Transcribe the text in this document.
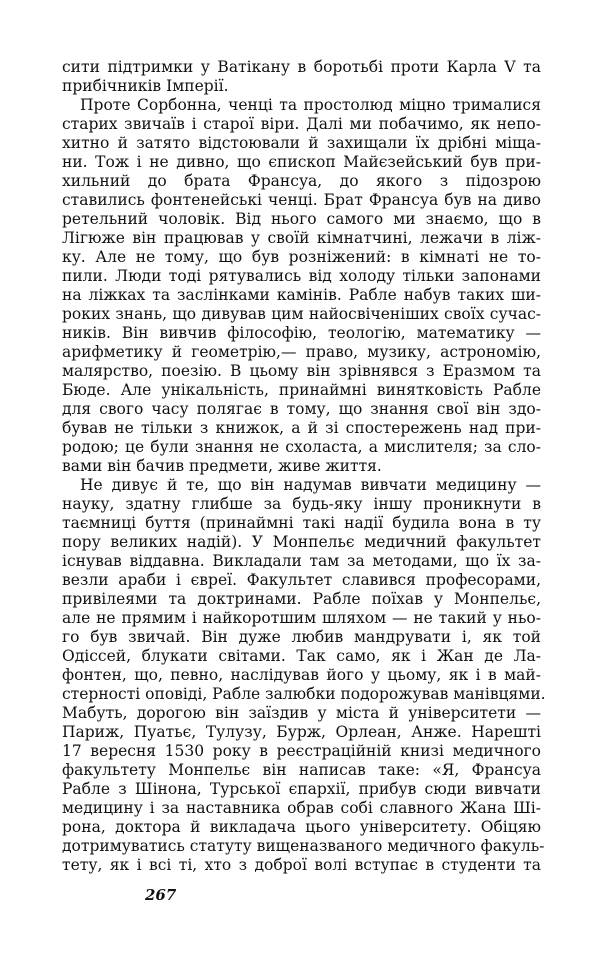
сити підтримки у Ватікану в боротьбі проти Карла V та
прибічників Імперії.
Проте Сорбонна, ченці та простолюд міцно трималися
старих звичаїв і старої віри. Далі ми побачимо, як непо-
хитно й затято відстоювали й захищали їх дрібні міща-
ни. Тож і не дивно, що єпископ Майєзейський був при-
хильний до брата Франсуа, до якого з підозрою
ставились фонтенейські ченці. Брат Франсуа був на диво
ретельний чоловік. Від нього самого ми знаємо, що в
Лігюже він працював у своїй кімнатчині, лежачи в ліж-
ку. Але не тому, що був розніжений: в кімнаті не то-
пили. Люди тоді рятувались від холоду тільки запонами
на ліжках та заслінками камінів. Рабле набув таких ши-
роких знань, що дивував цим найосвіченіших своїх сучас-
ників. Він вивчив філософію, теологію, математику —
арифметику й геометрію,— право, музику, астрономію,
малярство, поезію. В цьому він зрівнявся з Еразмом та
Бюде. Але унікальність, принаймні винятковість Рабле
для свого часу полягає в тому, що знання свої він здо-
бував не тільки з книжок, а й зі спостережень над при-
родою; це були знання не схоласта, а мислителя; за сло-
вами він бачив предмети, живе життя.
Не дивує й те, що він надумав вивчати медицину —
науку, здатну глибше за будь-яку іншу проникнути в
таємниці буття (принаймні такі надії будила вона в ту
пору великих надій). У Монпельє медичний факультет
існував віддавна. Викладали там за методами, що їх за-
везли араби і євреї. Факультет славився професорами,
привілеями та доктринами. Рабле поїхав у Монпельє,
але не прямим і найкоротшим шляхом — не такий у ньо-
го був звичай. Він дуже любив мандрувати і, як той
Одіссей, блукати світами. Так само, як і Жан де Ла-
фонтен, що, певно, наслідував його у цьому, як і в май-
стерності оповіді, Рабле залюбки подорожував манівцями.
Мабуть, дорогою він заїздив у міста й університети —
Париж, Пуатьє, Тулузу, Бурж, Орлеан, Анже. Нарешті
17 вересня 1530 року в реєстраційній книзі медичного
факультету Монпельє він написав таке: «Я, Франсуа
Рабле з Шінона, Турської єпархії, прибув сюди вивчати
медицину і за наставника обрав собі славного Жана Ші-
рона, доктора й викладача цього університету. Обіцяю
дотримуватись статуту вищеназваного медичного факуль-
тету, як і всі ті, хто з доброї волі вступає в студенти та
267
